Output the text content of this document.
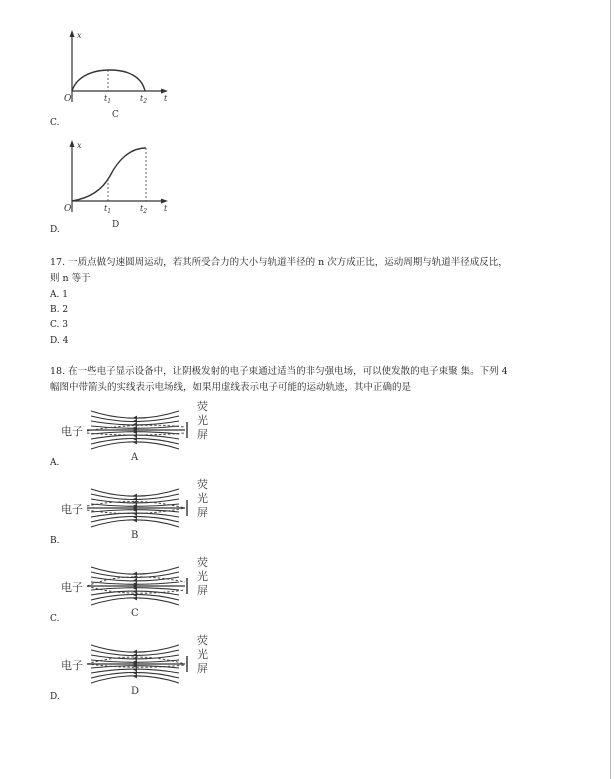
x
O	$t_1$	$t_2$ t
C
C.
x
O	$t_1$	$t_2$ t
D
D.
17. 一质点做匀速圆周运动，若其所受合力的大小与轨道半径的 n 次方成正比，运动周期与轨道半径成反比，
则 n 等于
A. 1
B. 2
C. 3
D. 4
18. 在一些电子显示设备中，让阴极发射的电子束通过适当的非匀强电场，可以使发散的电子束聚 集。下列 4
幅图中带箭头的实线表示电场线，如果用虚线表示电子可能的运动轨迹，其中正确的是
电子
荧
光
屏
A
A.
电子
荧
光
屏
B
B.
电子
荧
光
屏
C
C.
电子
荧
光
屏
D
D.
